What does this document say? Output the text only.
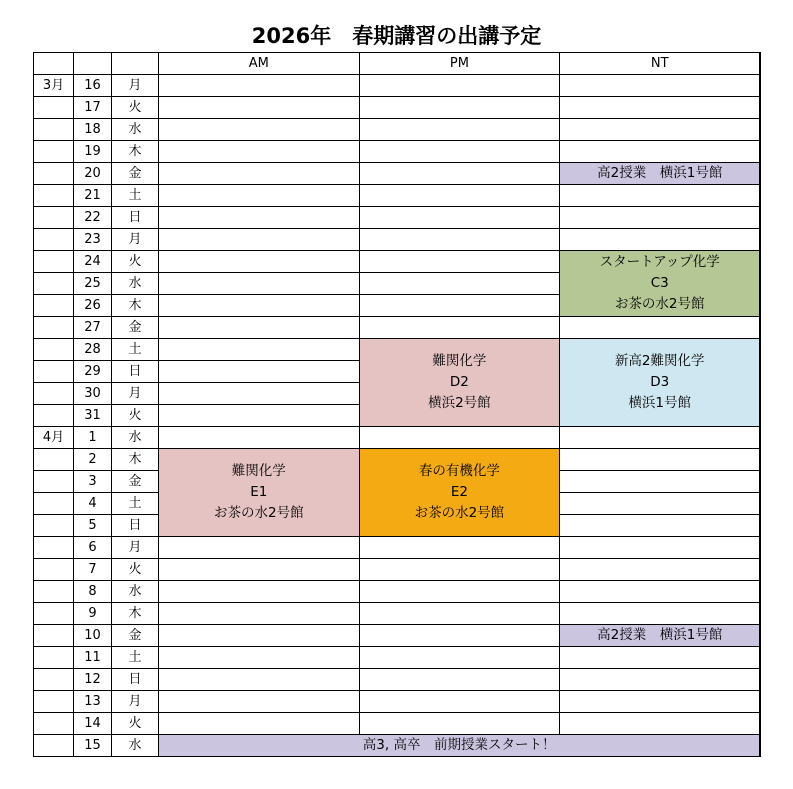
2026年　春期講習の出講予定
			AM	PM	NT
3月	16	月			
	17	火			
	18	水			
	19	木			
	20	金			高2授業　横浜1号館

	21	土			
	22	日			
	23	月			
	24	火			スタートアップ化学
C3
お茶の水2号館

	25	水			
	26	木			
	27	金			
	28	土		難関化学
D2
横浜2号館	新高2難関化学
D3
横浜1号館

	29	日			
	30	月			
	31	火			
4月	1	水			
	2	木	難関化学
E1
お茶の水2号館	春の有機化学
E2
お茶の水2号館	

	3	金			
	4	土			
	5	日			
	6	月			
	7	火			
	8	水			
	9	木			
	10	金			高2授業　横浜1号館

	11	土			
	12	日			
	13	月			
	14	火			
	15	水	高3, 高卒　前期授業スタート！		
